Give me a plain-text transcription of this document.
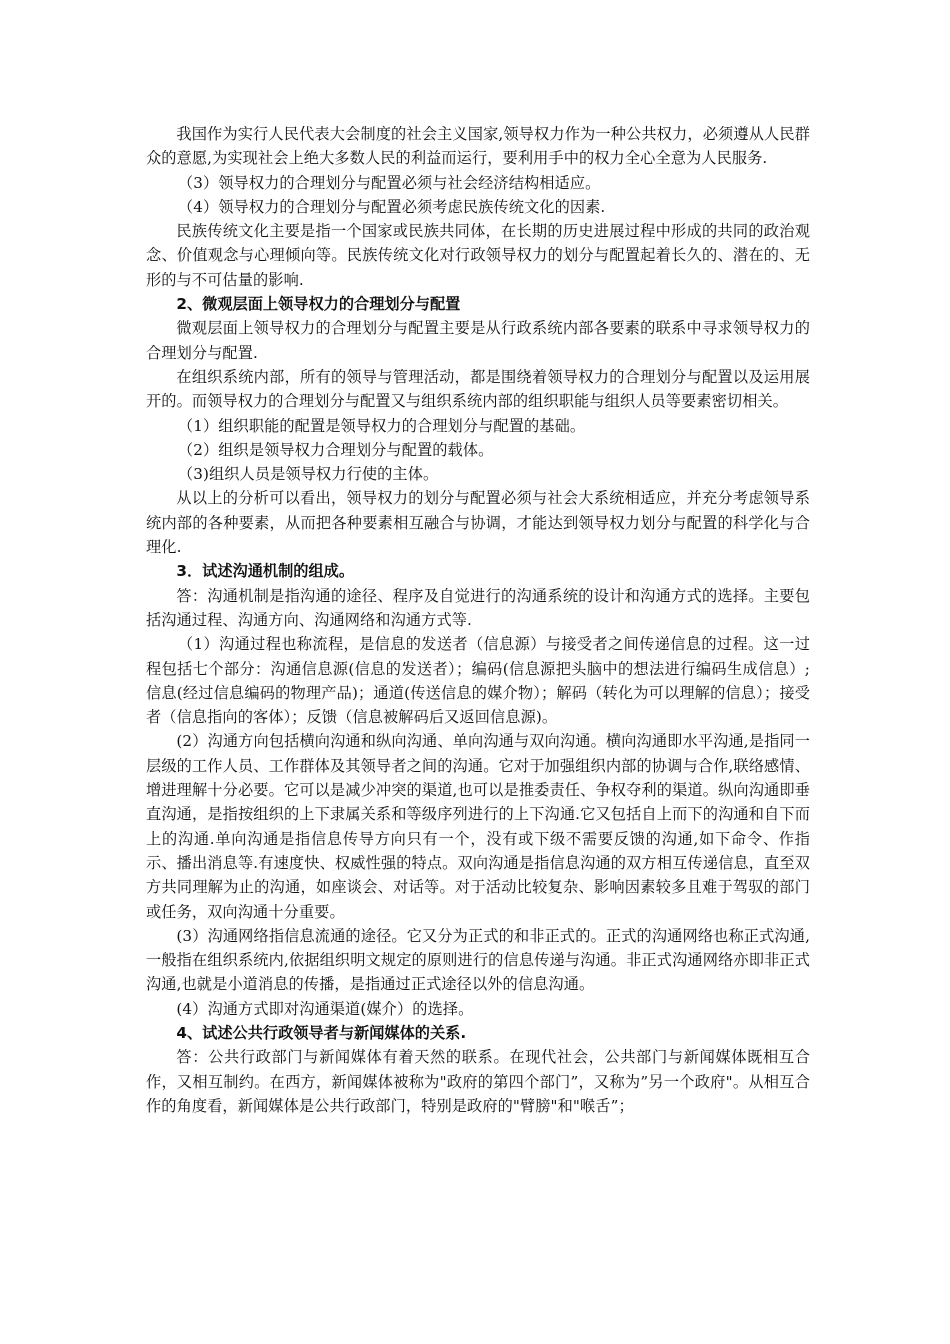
我国作为实行人民代表大会制度的社会主义国家,领导权力作为一种公共权力，必须遵从人民群众的意愿,为实现社会上绝大多数人民的利益而运行，要利用手中的权力全心全意为人民服务.

（3）领导权力的合理划分与配置必须与社会经济结构相适应。

（4）领导权力的合理划分与配置必须考虑民族传统文化的因素.

民族传统文化主要是指一个国家或民族共同体，在长期的历史进展过程中形成的共同的政治观念、价值观念与心理倾向等。民族传统文化对行政领导权力的划分与配置起着长久的、潜在的、无形的与不可估量的影响.

2、微观层面上领导权力的合理划分与配置

微观层面上领导权力的合理划分与配置主要是从行政系统内部各要素的联系中寻求领导权力的合理划分与配置.

在组织系统内部，所有的领导与管理活动，都是围绕着领导权力的合理划分与配置以及运用展开的。而领导权力的合理划分与配置又与组织系统内部的组织职能与组织人员等要素密切相关。

（1）组织职能的配置是领导权力的合理划分与配置的基础。

（2）组织是领导权力合理划分与配置的载体。

（3)组织人员是领导权力行使的主体。

从以上的分析可以看出，领导权力的划分与配置必须与社会大系统相适应，并充分考虑领导系统内部的各种要素，从而把各种要素相互融合与协调，才能达到领导权力划分与配置的科学化与合理化.

3．试述沟通机制的组成。

答：沟通机制是指沟通的途径、程序及自觉进行的沟通系统的设计和沟通方式的选择。主要包括沟通过程、沟通方向、沟通网络和沟通方式等.

（1）沟通过程也称流程，是信息的发送者（信息源）与接受者之间传递信息的过程。这一过程包括七个部分：沟通信息源(信息的发送者）；编码(信息源把头脑中的想法进行编码生成信息）;信息(经过信息编码的物理产品)；通道(传送信息的媒介物）；解码（转化为可以理解的信息）；接受者（信息指向的客体）；反馈（信息被解码后又返回信息源)。

(2）沟通方向包括横向沟通和纵向沟通、单向沟通与双向沟通。横向沟通即水平沟通,是指同一层级的工作人员、工作群体及其领导者之间的沟通。它对于加强组织内部的协调与合作,联络感情、增进理解十分必要。它可以是减少冲突的渠道,也可以是推委责任、争权夺利的渠道。纵向沟通即垂直沟通，是指按组织的上下隶属关系和等级序列进行的上下沟通.它又包括自上而下的沟通和自下而上的沟通.单向沟通是指信息传导方向只有一个，没有或下级不需要反馈的沟通,如下命令、作指示、播出消息等.有速度快、权威性强的特点。双向沟通是指信息沟通的双方相互传递信息，直至双方共同理解为止的沟通，如座谈会、对话等。对于活动比较复杂、影响因素较多且难于驾驭的部门或任务，双向沟通十分重要。

(3）沟通网络指信息流通的途径。它又分为正式的和非正式的。正式的沟通网络也称正式沟通,一般指在组织系统内,依据组织明文规定的原则进行的信息传递与沟通。非正式沟通网络亦即非正式沟通,也就是小道消息的传播，是指通过正式途径以外的信息沟通。

(4）沟通方式即对沟通渠道(媒介）的选择。

4、试述公共行政领导者与新闻媒体的关系.

答：公共行政部门与新闻媒体有着天然的联系。在现代社会，公共部门与新闻媒体既相互合作，又相互制约。在西方，新闻媒体被称为"政府的第四个部门”，又称为”另一个政府"。从相互合作的角度看，新闻媒体是公共行政部门，特别是政府的"臂膀"和"喉舌”；
